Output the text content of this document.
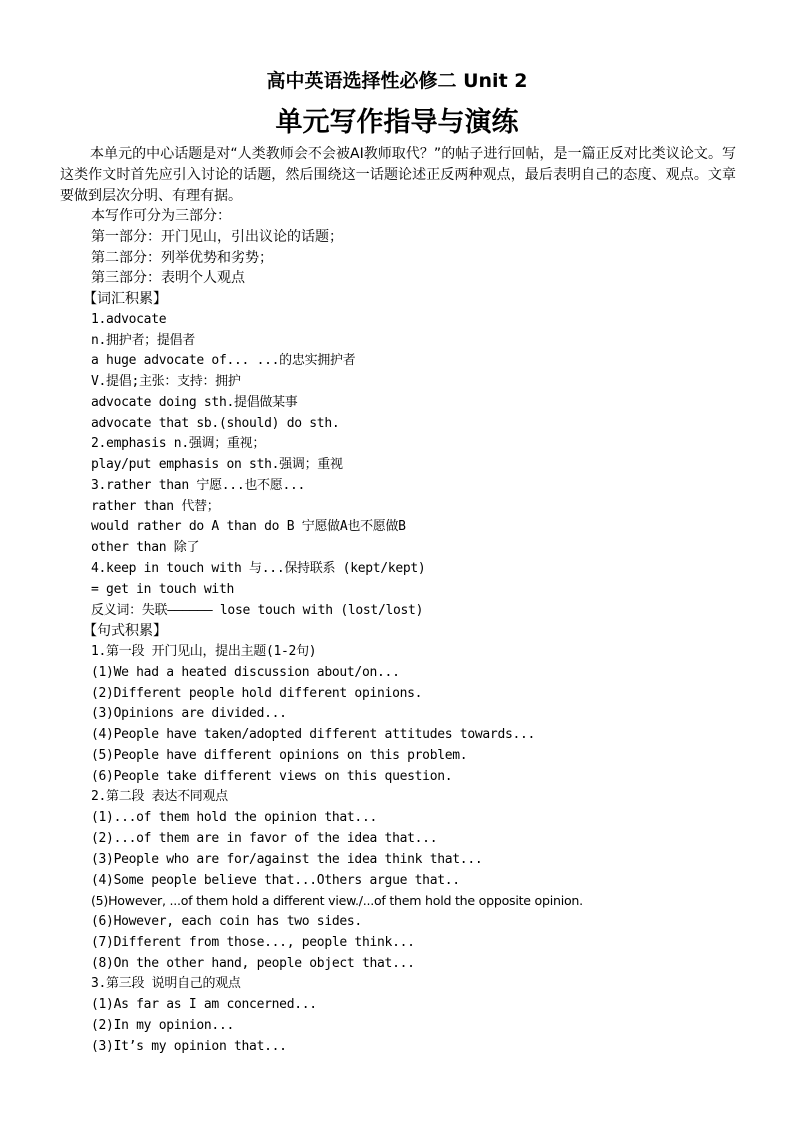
高中英语选择性必修二 Unit 2
单元写作指导与演练

本单元的中心话题是对“人类教师会不会被AI教师取代？”的帖子进行回帖，是一篇正反对比类议论文。写这类作文时首先应引入讨论的话题，然后围绕这一话题论述正反两种观点，最后表明自己的态度、观点。文章要做到层次分明、有理有据。

本写作可分为三部分：
第一部分：开门见山，引出议论的话题；
第二部分：列举优势和劣势；
第三部分：表明个人观点
【词汇积累】
1.advocate
n.拥护者；提倡者
a huge advocate of... ...的忠实拥护者
V.提倡;主张：支持：拥护
advocate doing sth.提倡做某事
advocate that sb.(should) do sth.
2.emphasis n.强调；重视；
play/put emphasis on sth.强调；重视
3.rather than 宁愿...也不愿...
rather than 代替；
would rather do A than do B 宁愿做A也不愿做B
other than 除了
4.keep in touch with 与...保持联系 (kept/kept)
= get in touch with
反义词：失联—————— lose touch with (lost/lost)
【句式积累】
1.第一段 开门见山，提出主题(1-2句)
(1)We had a heated discussion about/on...
(2)Different people hold different opinions.
(3)Opinions are divided...
(4)People have taken/adopted different attitudes towards...
(5)People have different opinions on this problem.
(6)People take different views on this question.
2.第二段 表达不同观点
(1)...of them hold the opinion that...
(2)...of them are in favor of the idea that...
(3)People who are for/against the idea think that...
(4)Some people believe that...Others argue that..
(5)However, ...of them hold a different view./...of them hold the opposite opinion.
(6)However, each coin has two sides.
(7)Different from those..., people think...
(8)On the other hand, people object that...
3.第三段 说明自己的观点
(1)As far as I am concerned...
(2)In my opinion...
(3)It’s my opinion that...
